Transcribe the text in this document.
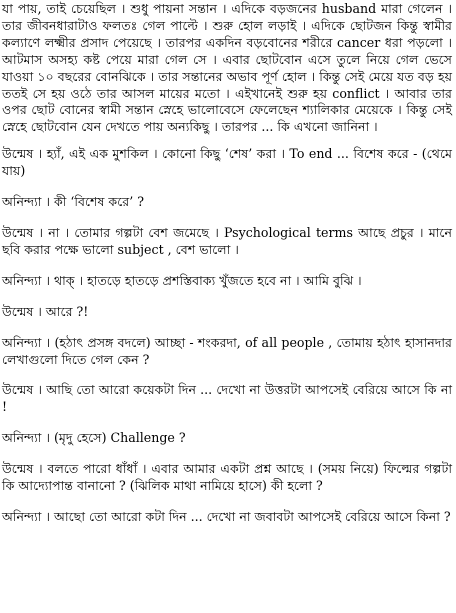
যা পায়, তাই চেয়েছিল । শুধু পায়না সন্তান । এদিকে বড়জনের husband মারা গেলেন । তার জীবনধারাটাও ফলতঃ গেল পাল্টে । শুরু হোল লড়াই । এদিকে ছোটজন কিন্তু স্বামীর কল্যাণে লক্ষ্মীর প্রসাদ পেয়েছে । তারপর একদিন বড়বোনের শরীরে cancer ধরা পড়লো । আটমাস অসহ্য কষ্ট পেয়ে মারা গেল সে । এবার ছোটবোন এসে তুলে নিয়ে গেল ভেসে যাওয়া ১০ বছরের বোনঝিকে । তার সন্তানের অভাব পূর্ণ হোল । কিন্তু সেই মেয়ে যত বড় হয় ততই সে হয় ওঠে তার আসল মায়ের মতো । এইখানেই শুরু হয় conflict । আবার তার ওপর ছোট বোনের স্বামী সন্তান স্নেহে ভালোবেসে ফেলেছেন শ্যালিকার মেয়েকে । কিন্তু সেই স্নেহে ছোটবোন যেন দেখতে পায় অন্যকিছু । তারপর ... কি এখনো জানিনা ।

উন্মেষ । হ্যাঁ, এই এক মুশকিল । কোনো কিছু ‘শেষ’ করা । To end ... বিশেষ করে - (থেমে যায়)

অনিন্দ্যা । কী ‘বিশেষ করে’ ?

উন্মেষ । না । তোমার গল্পটা বেশ জমেছে । Psychological terms আছে প্রচুর । মানে ছবি করার পক্ষে ভালো subject , বেশ ভালো ।

অনিন্দ্যা । থাক্ । হাতড়ে হাতড়ে প্রশস্তিবাক্য খুঁজতে হবে না । আমি বুঝি ।

উন্মেষ । আরে ?!

অনিন্দ্যা । (হঠাৎ প্রসঙ্গ বদলে) আচ্ছা - শংকরদা, of all people , তোমায় হঠাৎ হাসানদার লেখাগুলো দিতে গেল কেন ?

উন্মেষ । আছি তো আরো কয়েকটা দিন ... দেখো না উত্তরটা আপসেই বেরিয়ে আসে কি না !

অনিন্দ্যা । (মৃদু হেসে) Challenge ?

উন্মেষ । বলতে পারো ধাঁধাঁ । এবার আমার একটা প্রশ্ন আছে । (সময় নিয়ে) ফিল্মের গল্পটা কি আদ্যোপান্ত বানানো ? (ঝিলিক মাথা নামিয়ে হাসে) কী হলো ?

অনিন্দ্যা । আছো তো আরো কটা দিন ... দেখো না জবাবটা আপসেই বেরিয়ে আসে কিনা ?
